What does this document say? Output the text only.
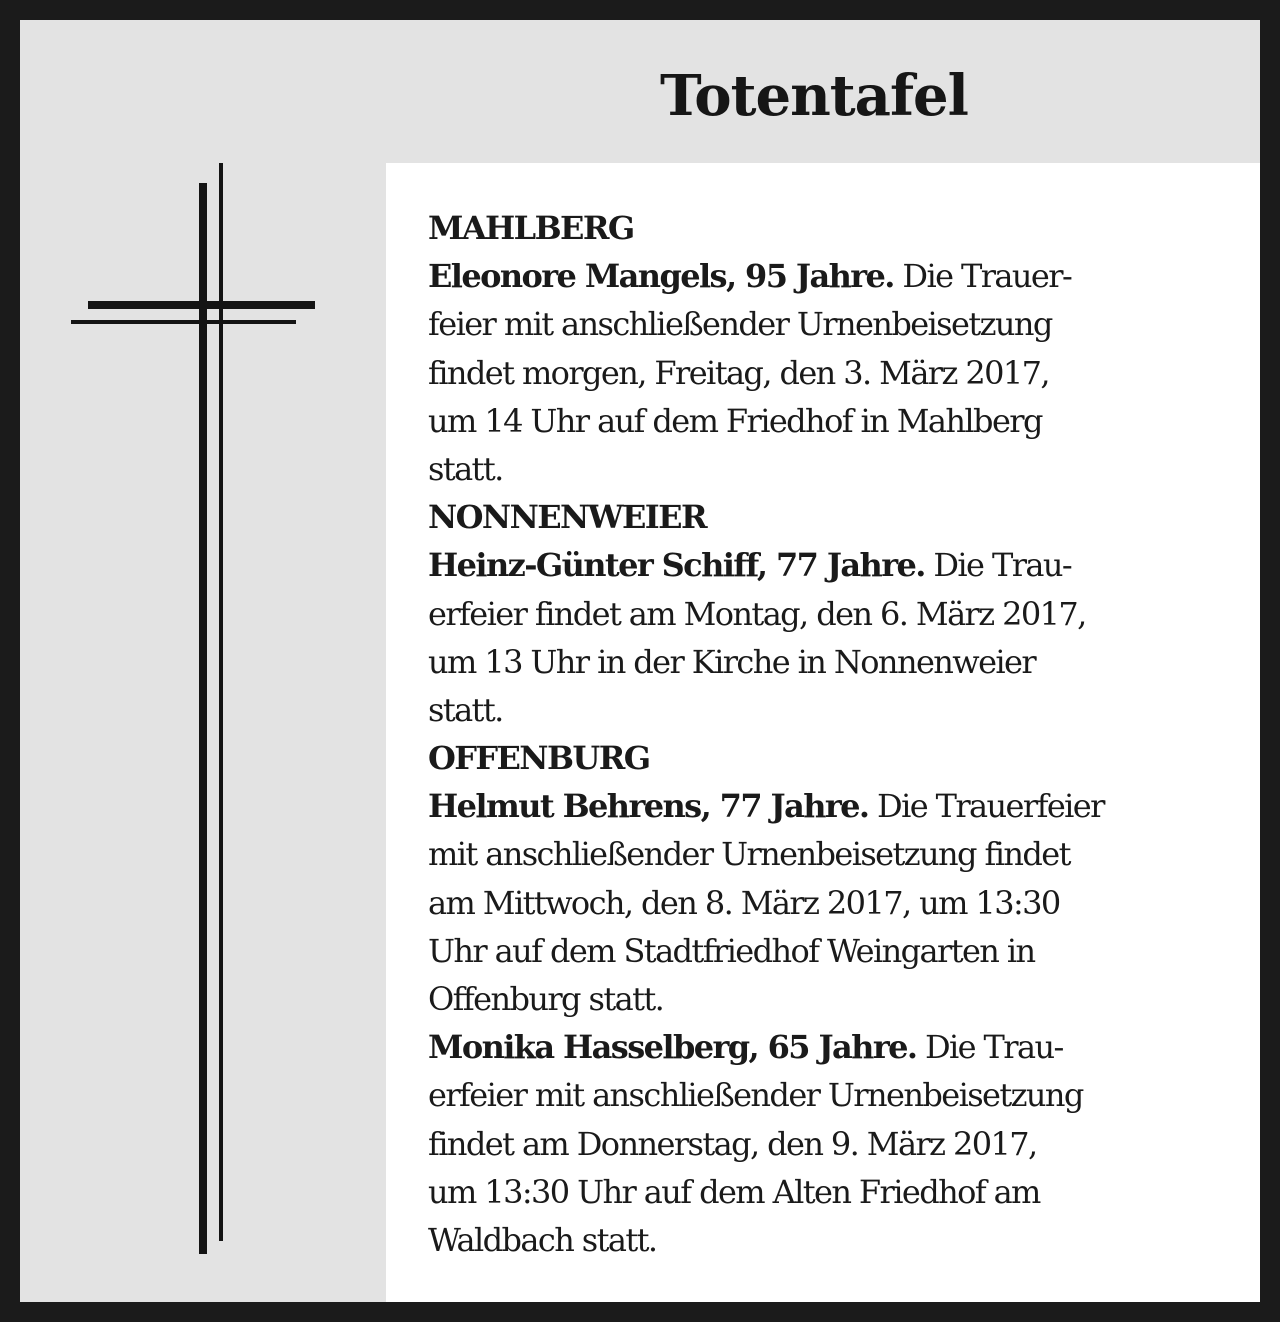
Totentafel
MAHLBERG
Eleonore Mangels, 95 Jahre. Die Trauer-
feier mit anschließender Urnenbeisetzung
findet morgen, Freitag, den 3. März 2017,
um 14 Uhr auf dem Friedhof in Mahlberg
statt.
NONNENWEIER
Heinz-Günter Schiff, 77 Jahre. Die Trau-
erfeier findet am Montag, den 6. März 2017,
um 13 Uhr in der Kirche in Nonnenweier
statt.
OFFENBURG
Helmut Behrens, 77 Jahre. Die Trauerfeier
mit anschließender Urnenbeisetzung findet
am Mittwoch, den 8. März 2017, um 13:30
Uhr auf dem Stadtfriedhof Weingarten in
Offenburg statt.
Monika Hasselberg, 65 Jahre. Die Trau-
erfeier mit anschließender Urnenbeisetzung
findet am Donnerstag, den 9. März 2017,
um 13:30 Uhr auf dem Alten Friedhof am
Waldbach statt.
